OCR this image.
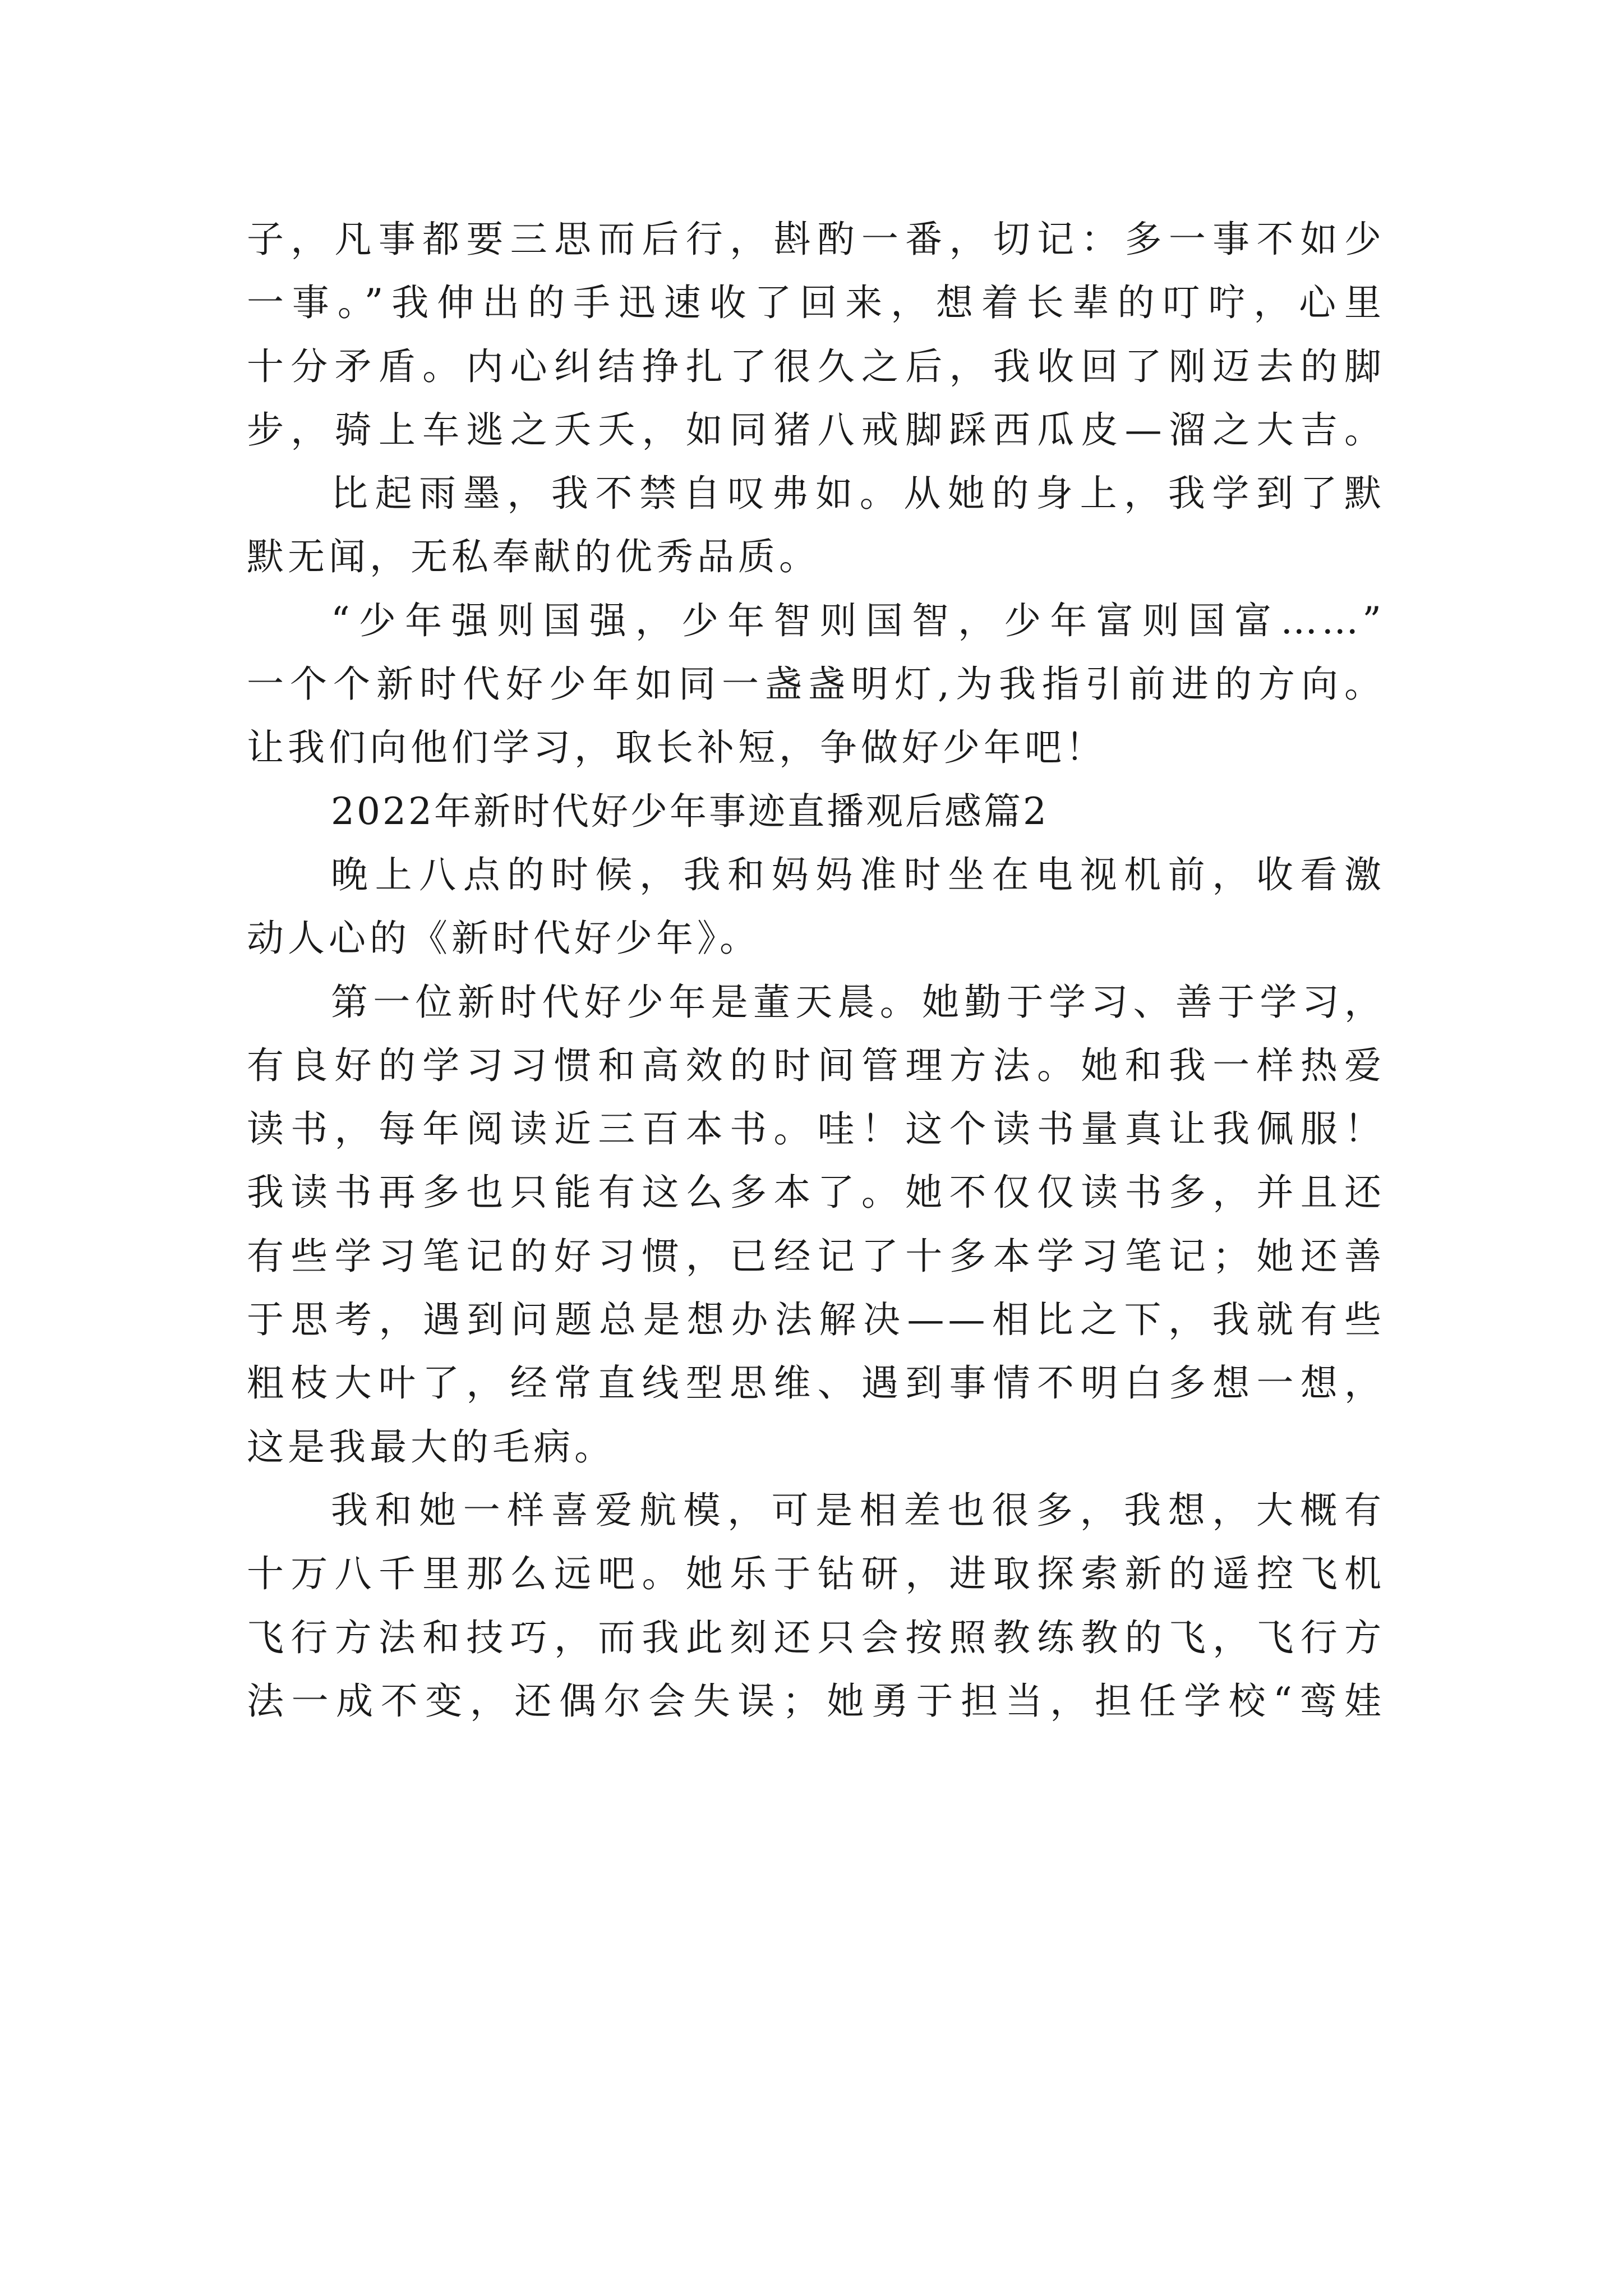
子，凡事都要三思而后行，斟酌一番，切记：多一事不如少
一事。”我伸出的手迅速收了回来，想着长辈的叮咛，心里
十分矛盾。内心纠结挣扎了很久之后，我收回了刚迈去的脚
步，骑上车逃之夭夭，如同猪八戒脚踩西瓜皮—溜之大吉。
比起雨墨，我不禁自叹弗如。从她的身上，我学到了默
默无闻，无私奉献的优秀品质。
“少年强则国强，少年智则国智，少年富则国富……”
一个个新时代好少年如同一盏盏明灯,为我指引前进的方向。
让我们向他们学习，取长补短，争做好少年吧！
2022年新时代好少年事迹直播观后感篇2
晚上八点的时候，我和妈妈准时坐在电视机前，收看激
动人心的《新时代好少年》。
第一位新时代好少年是董天晨。她勤于学习、善于学习，
有良好的学习习惯和高效的时间管理方法。她和我一样热爱
读书，每年阅读近三百本书。哇！这个读书量真让我佩服！
我读书再多也只能有这么多本了。她不仅仅读书多，并且还
有些学习笔记的好习惯，已经记了十多本学习笔记；她还善
于思考，遇到问题总是想办法解决——相比之下，我就有些
粗枝大叶了，经常直线型思维、遇到事情不明白多想一想，
这是我最大的毛病。
我和她一样喜爱航模，可是相差也很多，我想，大概有
十万八千里那么远吧。她乐于钻研，进取探索新的遥控飞机
飞行方法和技巧，而我此刻还只会按照教练教的飞，飞行方
法一成不变，还偶尔会失误；她勇于担当，担任学校“鸾娃
